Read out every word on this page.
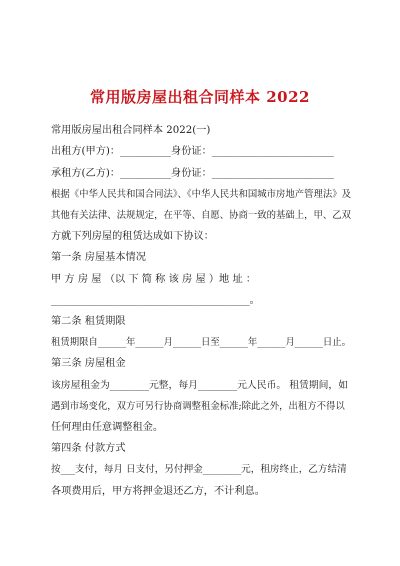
常用版房屋出租合同样本 2022
常用版房屋出租合同样本 2022(一)
出租方(甲方)：__________身份证：________________________
承租方(乙方)：__________身份证：________________________
根据《中华人民共和国合同法》、《中华人民共和国城市房地产管理法》及
其他有关法律、法规规定，在平等、自愿、协商一致的基础上，甲、乙双
方就下列房屋的租赁达成如下协议：
第一条 房屋基本情况
甲 方 房 屋 （以 下 简 称 该 房 屋 ）地 址 ：
_______________________________________。
第二条 租赁期限
租赁期限自______年______月______日至______年______月______日止。
第三条 房屋租金
该房屋租金为________元整，每月________元人民币。 租赁期间，如
遇到市场变化，双方可另行协商调整租金标准;除此之外，出租方不得以
任何理由任意调整租金。
第四条 付款方式
按___支付，每月 日支付，另付押金________元，租房终止，乙方结清
各项费用后，甲方将押金退还乙方，不计利息。
